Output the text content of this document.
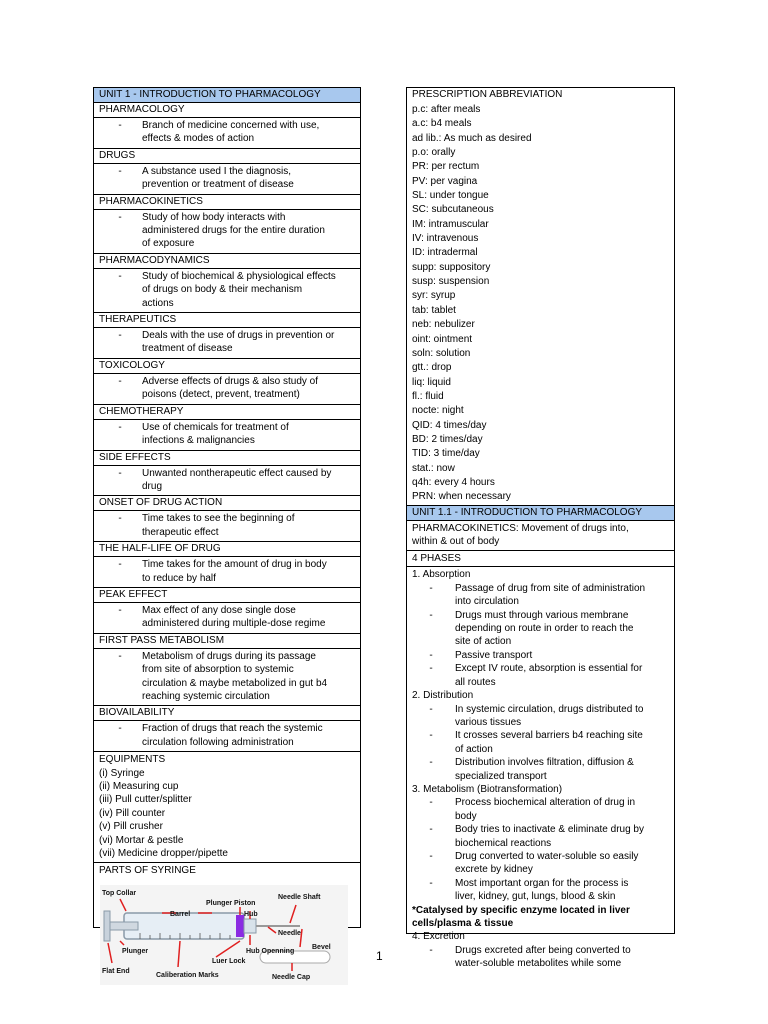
UNIT 1 - INTRODUCTION TO PHARMACOLOGY
PHARMACOLOGY
-	Branch of medicine concerned with use,
effects & modes of action
DRUGS
-	A substance used I the diagnosis,
prevention or treatment of disease
PHARMACOKINETICS
-	Study of how body interacts with
administered drugs for the entire duration
of exposure
PHARMACODYNAMICS
-	Study of biochemical & physiological effects
of drugs on body & their mechanism
actions
THERAPEUTICS
-	Deals with the use of drugs in prevention or
treatment of disease
TOXICOLOGY
-	Adverse effects of drugs & also study of
poisons (detect, prevent, treatment)
CHEMOTHERAPY
-	Use of chemicals for treatment of
infections & malignancies
SIDE EFFECTS
-	Unwanted nontherapeutic effect caused by
drug
ONSET OF DRUG ACTION
-	Time takes to see the beginning of
therapeutic effect
THE HALF-LIFE OF DRUG
-	Time takes for the amount of drug in body
to reduce by half
PEAK EFFECT
-	Max effect of any dose single dose
administered during multiple-dose regime
FIRST PASS METABOLISM
-	Metabolism of drugs during its passage
from site of absorption to systemic
circulation & maybe metabolized in gut b4
reaching systemic circulation
BIOVAILABILITY
-	Fraction of drugs that reach the systemic
circulation following administration
EQUIPMENTS
(i) Syringe
(ii) Measuring cup
(iii) Pull cutter/splitter
(iv) Pill counter
(v) Pill crusher
(vi) Mortar & pestle
(vii) Medicine dropper/pipette
PARTS OF SYRINGE
Top Collar
Barrel
Plunger Piston
Needle Shaft
Hub
Needle
Plunger
Bevel
Hub Openning
Luer Lock
Flat End
Caliberation Marks	Needle Cap
PRESCRIPTION ABBREVIATION
p.c: after meals
a.c: b4 meals
ad lib.: As much as desired
p.o: orally
PR: per rectum
PV: per vagina
SL: under tongue
SC: subcutaneous
IM: intramuscular
IV: intravenous
ID: intradermal
supp: suppository
susp: suspension
syr: syrup
tab: tablet
neb: nebulizer
oint: ointment
soln: solution
gtt.: drop
liq: liquid
fl.: fluid
nocte: night
QID: 4 times/day
BD: 2 times/day
TID: 3 time/day
stat.: now
q4h: every 4 hours
PRN: when necessary
UNIT 1.1 - INTRODUCTION TO PHARMACOLOGY
PHARMACOKINETICS: Movement of drugs into,
within & out of body
4 PHASES
1. Absorption
-	Passage of drug from site of administration
into circulation
-	Drugs must through various membrane
depending on route in order to reach the
site of action
-	Passive transport
-	Except IV route, absorption is essential for
all routes
2. Distribution
-	In systemic circulation, drugs distributed to
various tissues
-	It crosses several barriers b4 reaching site
of action
-	Distribution involves filtration, diffusion &
specialized transport
3. Metabolism (Biotransformation)
-	Process biochemical alteration of drug in
body
-	Body tries to inactivate & eliminate drug by
biochemical reactions
-	Drug converted to water-soluble so easily
excrete by kidney
-	Most important organ for the process is
liver, kidney, gut, lungs, blood & skin
*Catalysed by specific enzyme located in liver
cells/plasma & tissue
4. Excretion
-	Drugs excreted after being converted to
water-soluble metabolites while some
1
